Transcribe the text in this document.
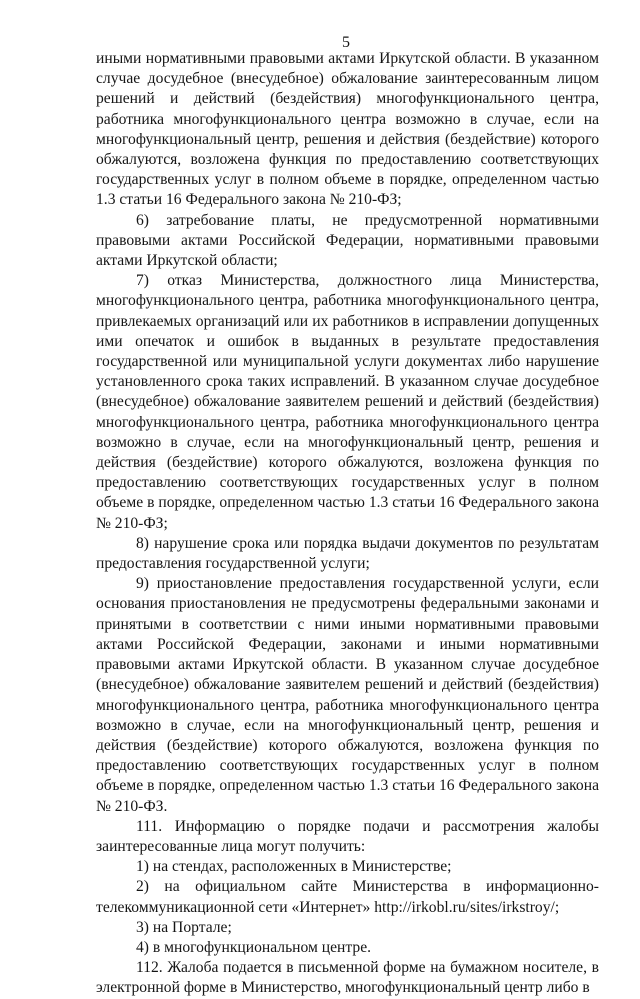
5

иными нормативными правовыми актами Иркутской области. В указанном случае досудебное (внесудебное) обжалование заинтересованным лицом решений и действий (бездействия) многофункционального центра, работника многофункционального центра возможно в случае, если на многофункциональный центр, решения и действия (бездействие) которого обжалуются, возложена функция по предоставлению соответствующих государственных услуг в полном объеме в порядке, определенном частью 1.3 статьи 16 Федерального закона № 210-ФЗ;

6) затребование платы, не предусмотренной нормативными правовыми актами Российской Федерации, нормативными правовыми актами Иркутской области;

7) отказ Министерства, должностного лица Министерства, многофункционального центра, работника многофункционального центра, привлекаемых организаций или их работников в исправлении допущенных ими опечаток и ошибок в выданных в результате предоставления государственной или муниципальной услуги документах либо нарушение установленного срока таких исправлений. В указанном случае досудебное (внесудебное) обжалование заявителем решений и действий (бездействия) многофункционального центра, работника многофункционального центра возможно в случае, если на многофункциональный центр, решения и действия (бездействие) которого обжалуются, возложена функция по предоставлению соответствующих государственных услуг в полном объеме в порядке, определенном частью 1.3 статьи 16 Федерального закона № 210-ФЗ;

8) нарушение срока или порядка выдачи документов по результатам предоставления государственной услуги;

9) приостановление предоставления государственной услуги, если основания приостановления не предусмотрены федеральными законами и принятыми в соответствии с ними иными нормативными правовыми актами Российской Федерации, законами и иными нормативными правовыми актами Иркутской области. В указанном случае досудебное (внесудебное) обжалование заявителем решений и действий (бездействия) многофункционального центра, работника многофункционального центра возможно в случае, если на многофункциональный центр, решения и действия (бездействие) которого обжалуются, возложена функция по предоставлению соответствующих государственных услуг в полном объеме в порядке, определенном частью 1.3 статьи 16 Федерального закона № 210-ФЗ.

111. Информацию о порядке подачи и рассмотрения жалобы заинтересованные лица могут получить:

1) на стендах, расположенных в Министерстве;

2) на официальном сайте Министерства в информационно-телекоммуникационной сети «Интернет» http://irkobl.ru/sites/irkstroy/;

3) на Портале;

4) в многофункциональном центре.

112. Жалоба подается в письменной форме на бумажном носителе, в электронной форме в Министерство, многофункциональный центр либо в
